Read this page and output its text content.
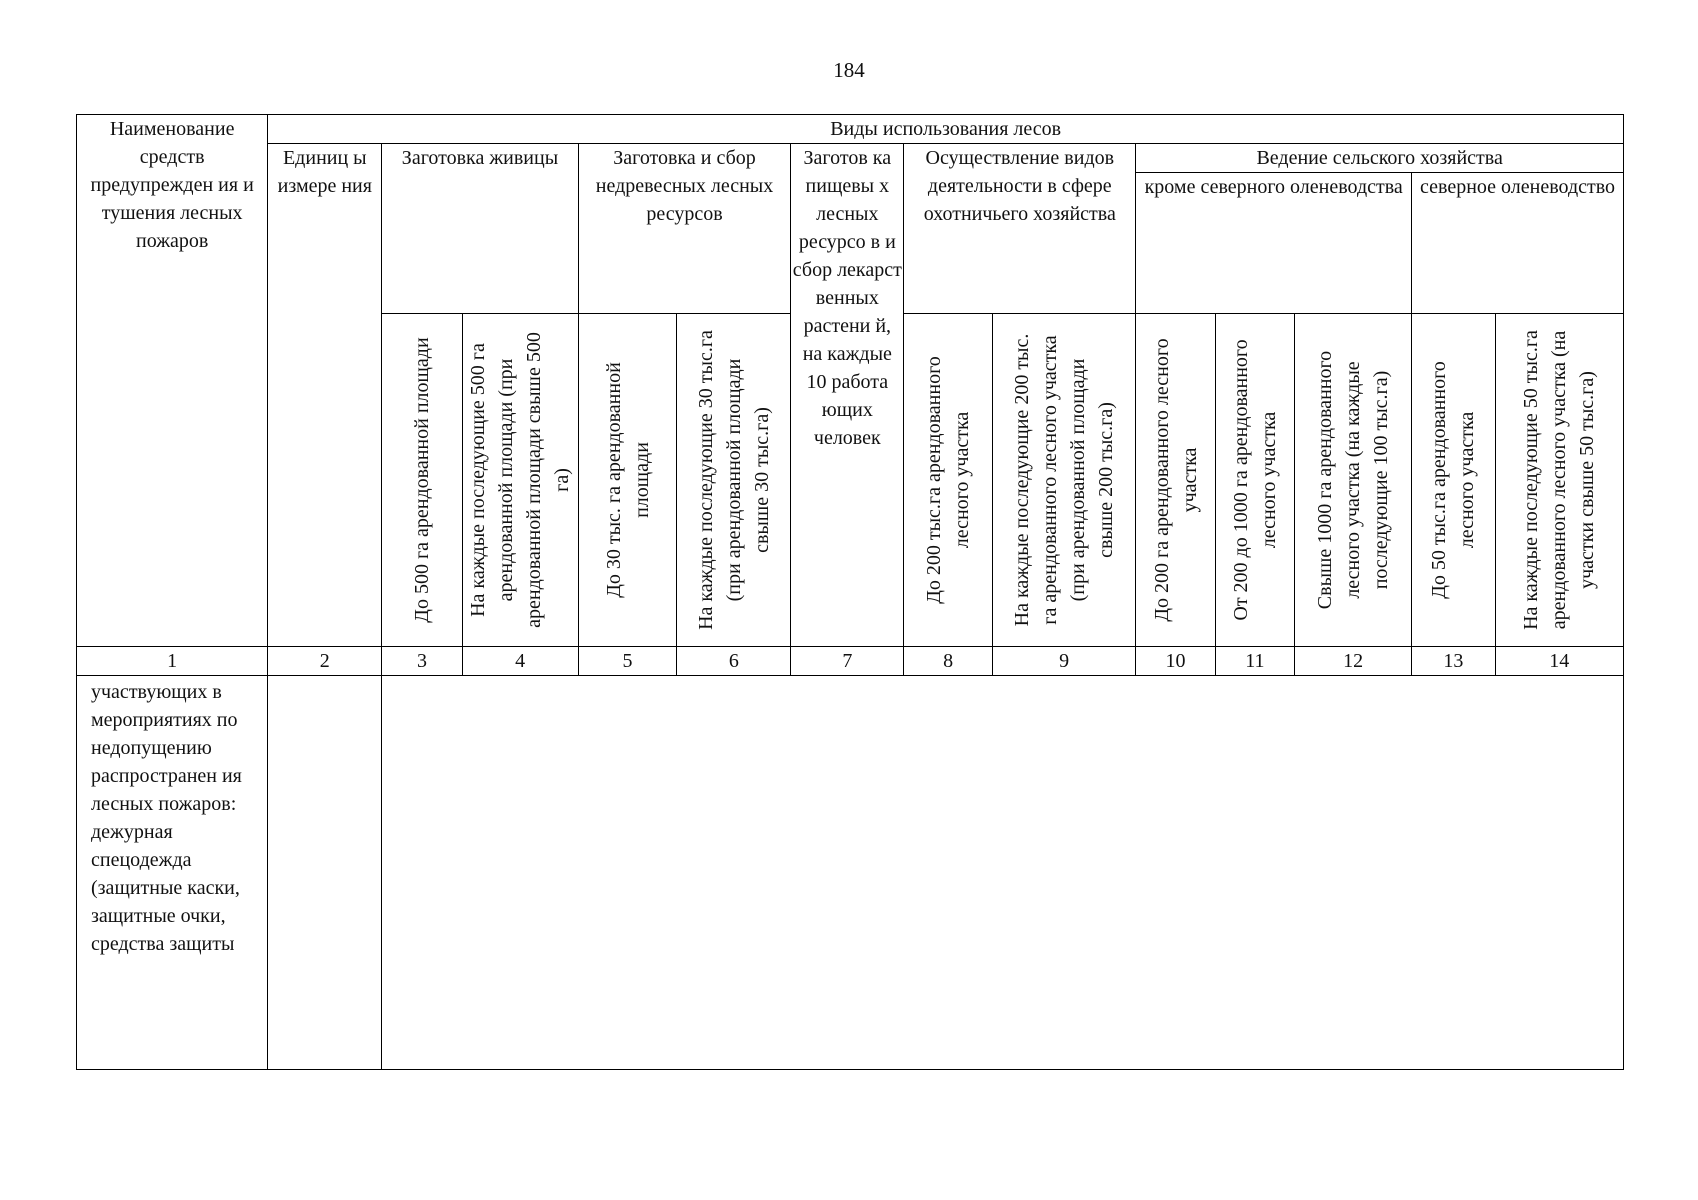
184
Наименование средств предупрежден ия и тушения лесных пожаров	Виды использования лесов												
	Единиц ы измере ния	Заготовка живицы		Заготовка и сбор недревесных лесных ресурсов		Заготов ка пищевы х лесных ресурсо в и сбор лекарст венных растени й, на каждые 10 работа ющих человек	Осуществление видов деятельности в сфере охотничьего хозяйства		Ведение сельского хозяйства				
									кроме северного оленеводства			северное оленеводство	

		До 500 га арендованной площади	На каждые последующие 500 га арендованной площади (при арендованной площади свыше 500 га)	До 30 тыс. га арендованной площади	На каждые последующие 30 тыс.га (при арендованной площади свыше 30 тыс.га)		До 200 тыс.га арендованного лесного участка	На каждые последующие 200 тыс. га арендованного лесного участка (при арендованной площади свыше 200 тыс.га)	До 200 га арендованного лесного участка	От 200 до 1000 га арендованного лесного участка	Свыше 1000 га арендованного лесного участка (на каждые последующие 100 тыс.га)	До 50 тыс.га арендованного лесного участка	На каждые последующие 50 тыс.га арендованного лесного участка (на участки свыше 50 тыс.га)

1	2	3	4	5	6	7	8	9	10	11	12	13	14
участвующих в мероприятиях по недопущению распространен ия лесных пожаров: дежурная спецодежда (защитные каски, защитные очки, средства защиты													
